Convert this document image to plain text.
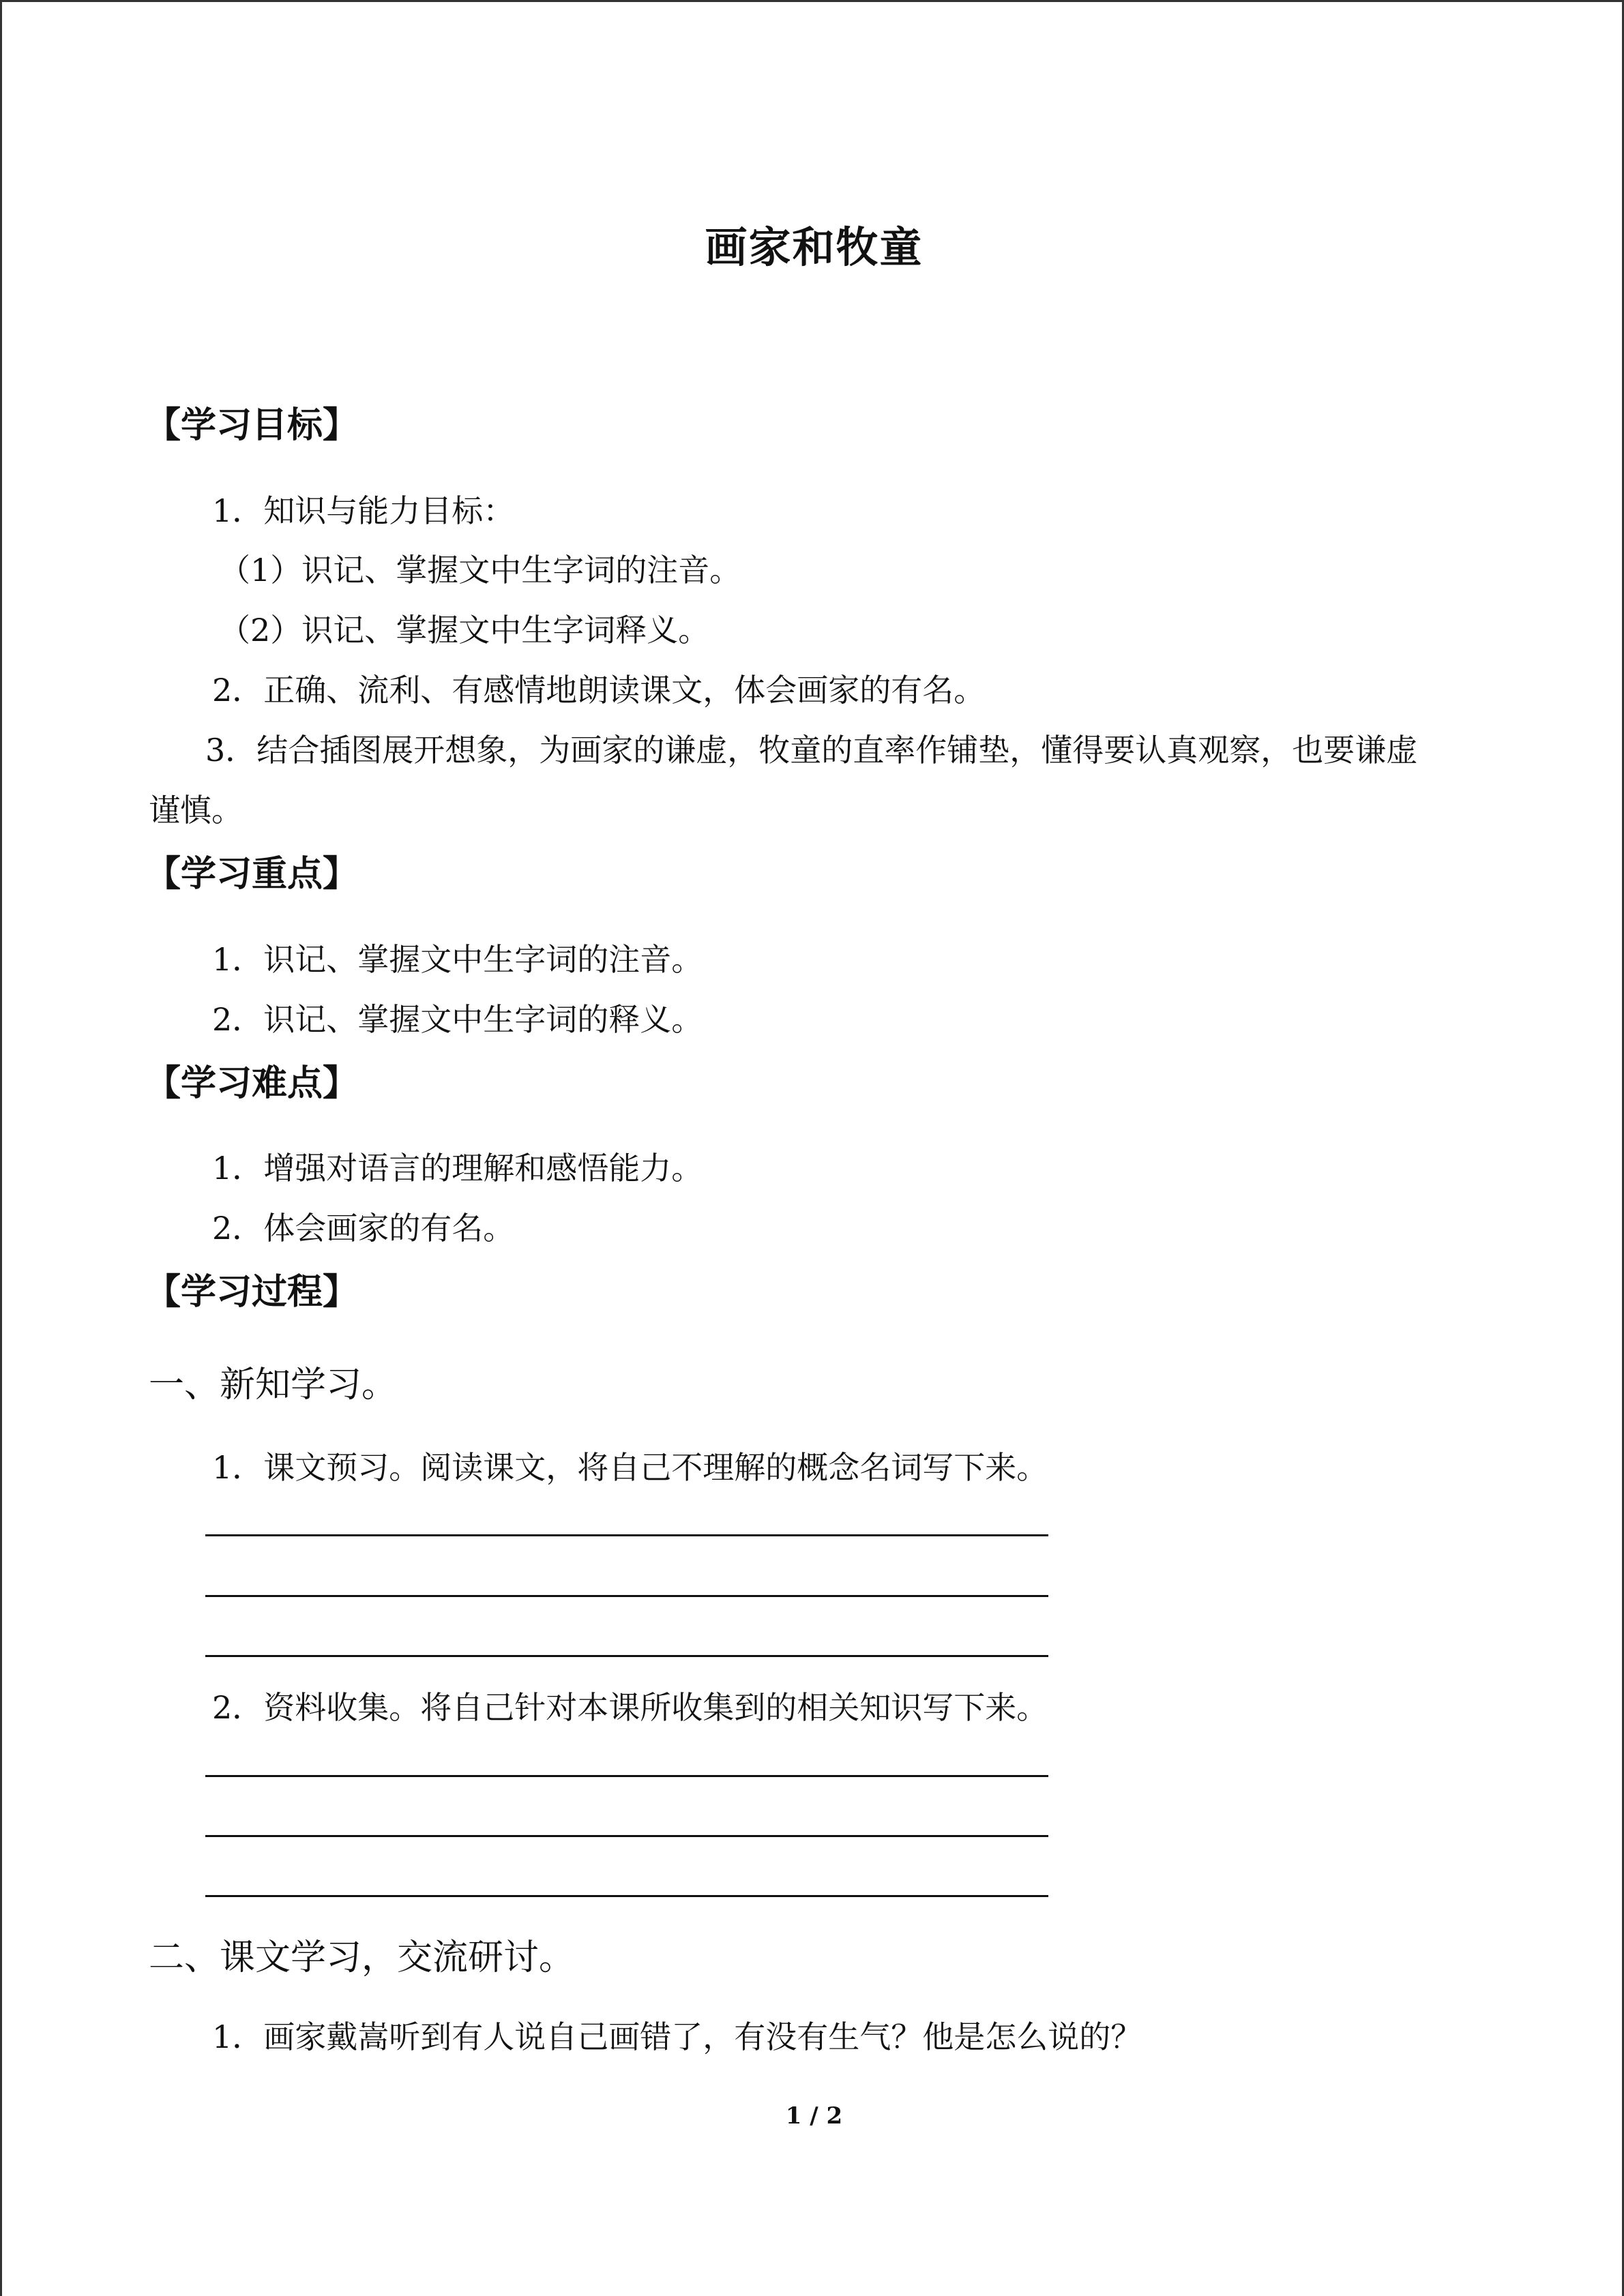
画家和牧童
【学习目标】
1．知识与能力目标：
（1）识记、掌握文中生字词的注音。
（2）识记、掌握文中生字词释义。
2．正确、流利、有感情地朗读课文，体会画家的有名。
3．结合插图展开想象，为画家的谦虚，牧童的直率作铺垫，懂得要认真观察，也要谦虚
谨慎。
【学习重点】
1．识记、掌握文中生字词的注音。
2．识记、掌握文中生字词的释义。
【学习难点】
1．增强对语言的理解和感悟能力。
2．体会画家的有名。
【学习过程】
一、新知学习。
1．课文预习。阅读课文，将自己不理解的概念名词写下来。
2．资料收集。将自己针对本课所收集到的相关知识写下来。
二、课文学习，交流研讨。
1．画家戴嵩听到有人说自己画错了，有没有生气？他是怎么说的？
1 / 2
